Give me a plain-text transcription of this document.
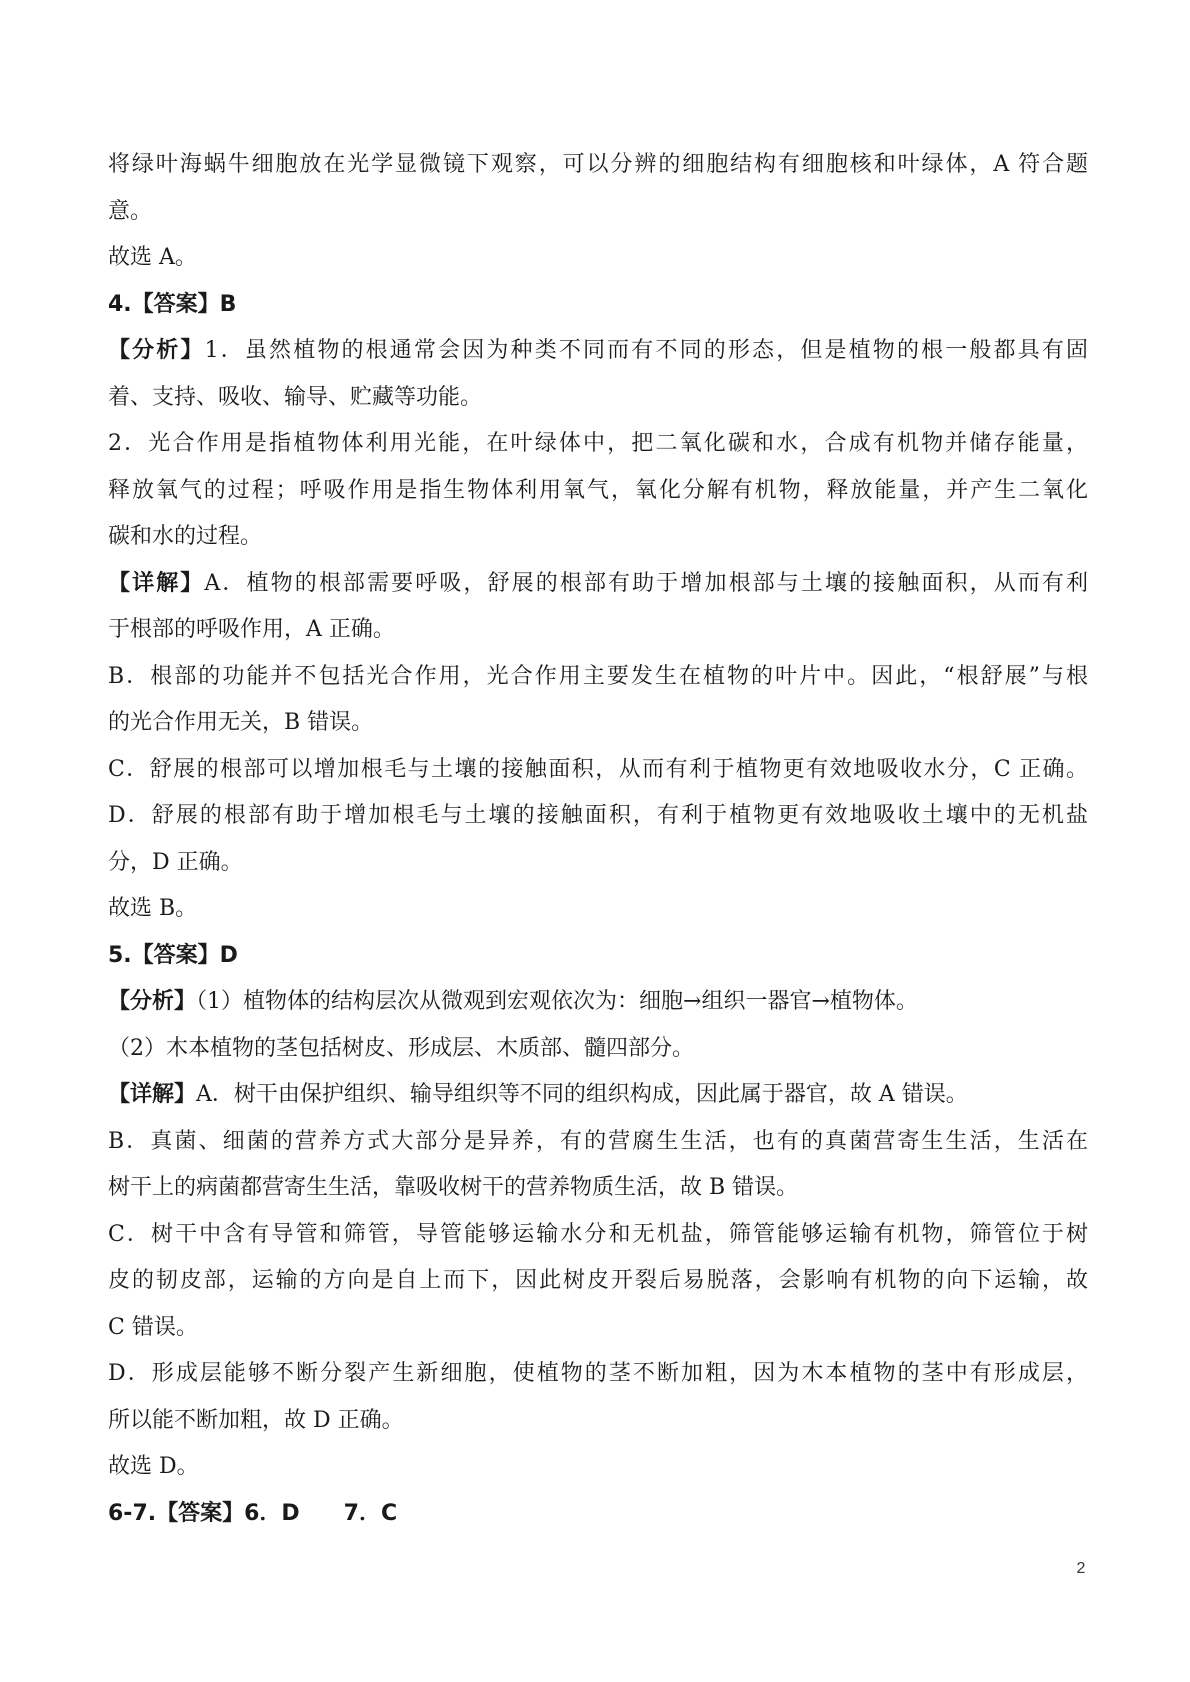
将绿叶海蜗牛细胞放在光学显微镜下观察，可以分辨的细胞结构有细胞核和叶绿体，A 符合题
意。
故选 A。
4.【答案】B
【分析】1．虽然植物的根通常会因为种类不同而有不同的形态，但是植物的根一般都具有固
着、支持、吸收、输导、贮藏等功能。
2．光合作用是指植物体利用光能，在叶绿体中，把二氧化碳和水，合成有机物并储存能量，
释放氧气的过程；呼吸作用是指生物体利用氧气，氧化分解有机物，释放能量，并产生二氧化
碳和水的过程。
【详解】A．植物的根部需要呼吸，舒展的根部有助于增加根部与土壤的接触面积，从而有利
于根部的呼吸作用，A 正确。
B．根部的功能并不包括光合作用，光合作用主要发生在植物的叶片中。因此，“根舒展”与根
的光合作用无关，B 错误。
C．舒展的根部可以增加根毛与土壤的接触面积，从而有利于植物更有效地吸收水分，C 正确。
D．舒展的根部有助于增加根毛与土壤的接触面积，有利于植物更有效地吸收土壤中的无机盐
分，D 正确。
故选 B。
5.【答案】D
【分析】（1）植物体的结构层次从微观到宏观依次为：细胞→组织一器官→植物体。
（2）木本植物的茎包括树皮、形成层、木质部、髓四部分。
【详解】A．树干由保护组织、输导组织等不同的组织构成，因此属于器官，故 A 错误。
B．真菌、细菌的营养方式大部分是异养，有的营腐生生活，也有的真菌营寄生生活，生活在
树干上的病菌都营寄生生活，靠吸收树干的营养物质生活，故 B 错误。
C．树干中含有导管和筛管，导管能够运输水分和无机盐，筛管能够运输有机物，筛管位于树
皮的韧皮部，运输的方向是自上而下，因此树皮开裂后易脱落，会影响有机物的向下运输，故
C 错误。
D．形成层能够不断分裂产生新细胞，使植物的茎不断加粗，因为木本植物的茎中有形成层，
所以能不断加粗，故 D 正确。
故选 D。
6-7.【答案】6．D　　7．C
2
